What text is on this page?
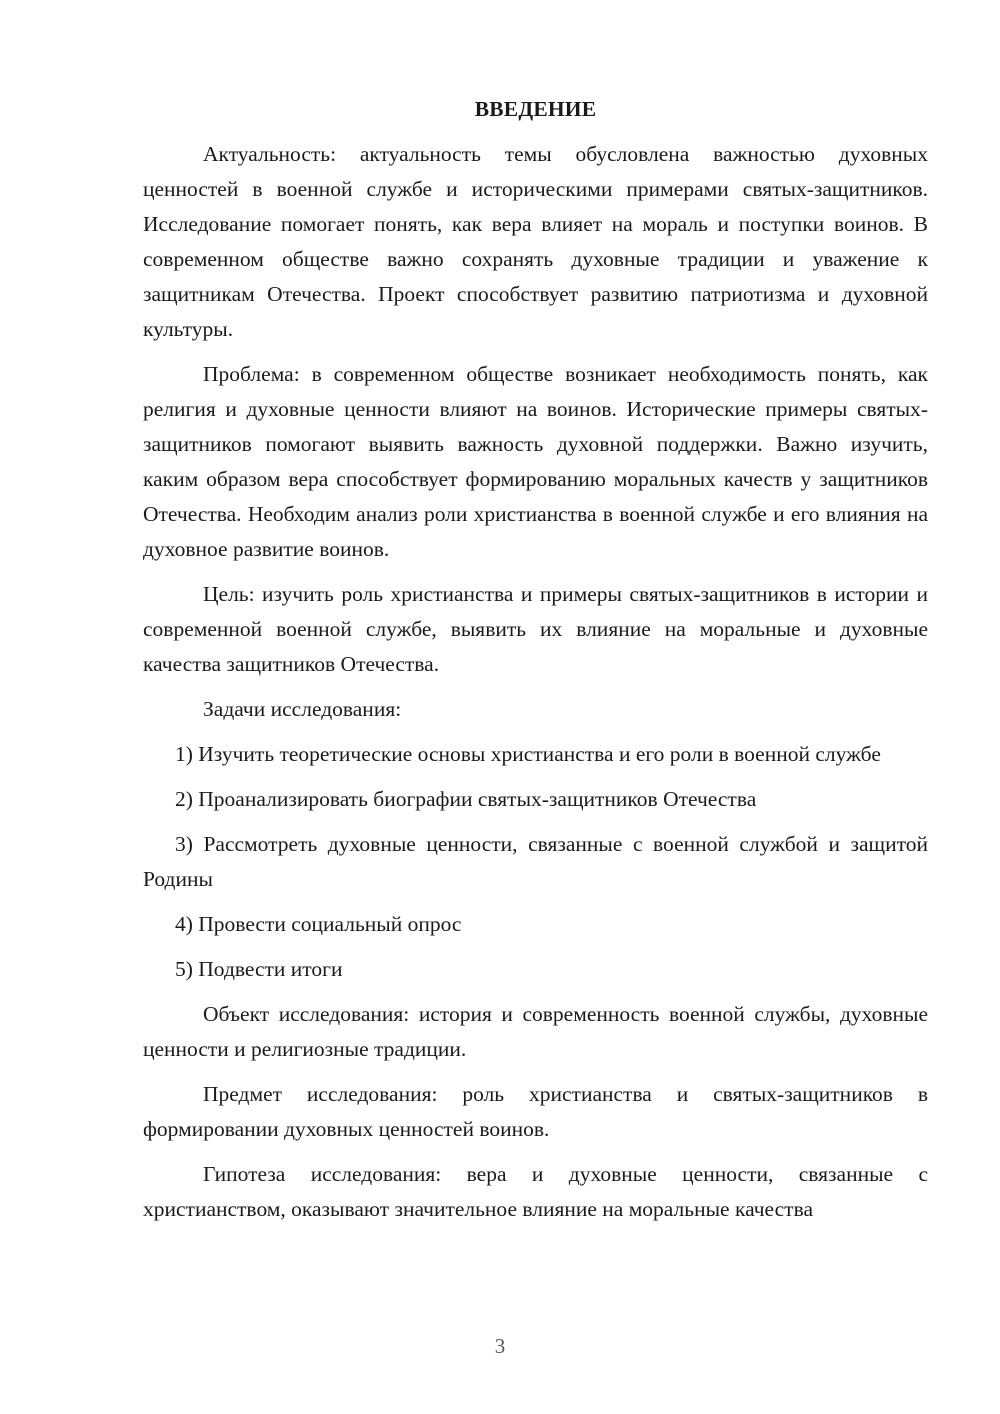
ВВЕДЕНИЕ

Актуальность: актуальность темы обусловлена важностью духовных ценностей в военной службе и историческими примерами святых-защитников. Исследование помогает понять, как вера влияет на мораль и поступки воинов. В современном обществе важно сохранять духовные традиции и уважение к защитникам Отечества. Проект способствует развитию патриотизма и духовной культуры.

Проблема: в современном обществе возникает необходимость понять, как религия и духовные ценности влияют на воинов. Исторические примеры святых-защитников помогают выявить важность духовной поддержки. Важно изучить, каким образом вера способствует формированию моральных качеств у защитников Отечества. Необходим анализ роли христианства в военной службе и его влияния на духовное развитие воинов.

Цель: изучить роль христианства и примеры святых-защитников в истории и современной военной службе, выявить их влияние на моральные и духовные качества защитников Отечества.

Задачи исследования:

1) Изучить теоретические основы христианства и его роли в военной службе

2) Проанализировать биографии святых-защитников Отечества

3) Рассмотреть духовные ценности, связанные с военной службой и защитой Родины

4) Провести социальный опрос

5) Подвести итоги

Объект исследования: история и современность военной службы, духовные ценности и религиозные традиции.

Предмет исследования: роль христианства и святых-защитников в формировании духовных ценностей воинов.

Гипотеза исследования: вера и духовные ценности, связанные с христианством, оказывают значительное влияние на моральные качества

3
